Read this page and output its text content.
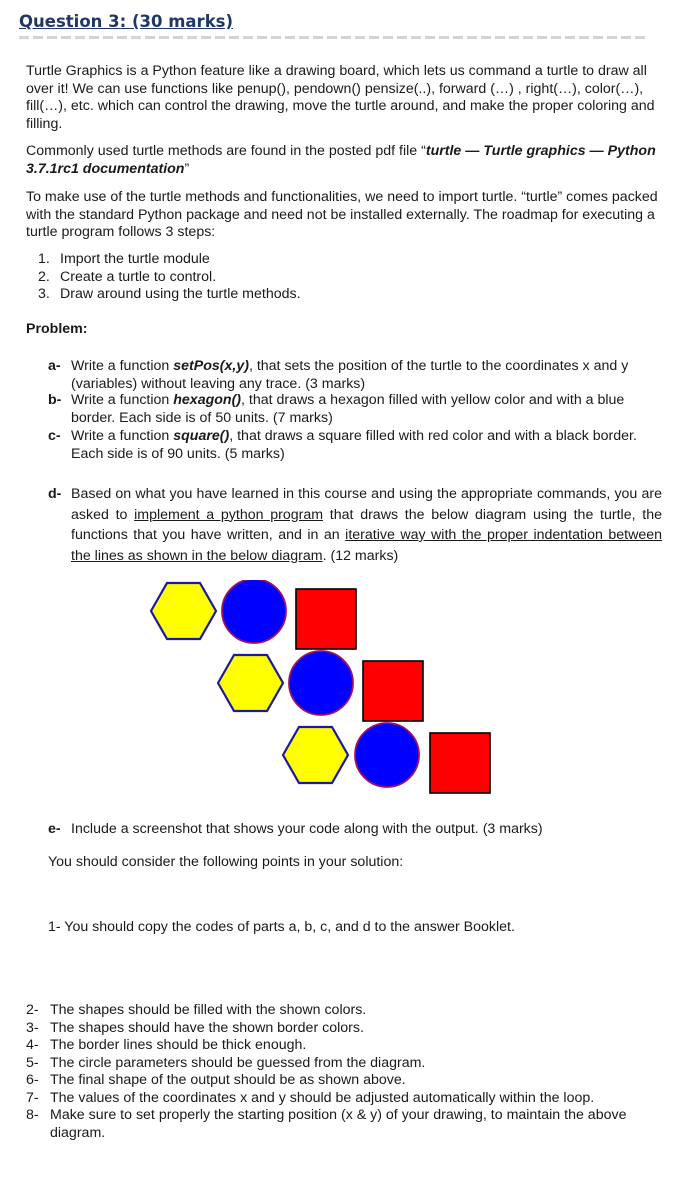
Question 3: (30 marks)

Turtle Graphics is a Python feature like a drawing board, which lets us command a turtle to draw all over it! We can use functions like penup(), pendown() pensize(..), forward (…) , right(…), color(…), fill(…), etc. which can control the drawing, move the turtle around, and make the proper coloring and filling.

Commonly used turtle methods are found in the posted pdf file “turtle — Turtle graphics — Python 3.7.1rc1 documentation”

To make use of the turtle methods and functionalities, we need to import turtle. “turtle” comes packed with the standard Python package and need not be installed externally. The roadmap for executing a turtle program follows 3 steps:

1. Import the turtle module
2. Create a turtle to control.
3. Draw around using the turtle methods.
Problem:
a- Write a function setPos(x,y), that sets the position of the turtle to the coordinates x and y (variables) without leaving any trace. (3 marks)
b- Write a function hexagon(), that draws a hexagon filled with yellow color and with a blue border. Each side is of 50 units. (7 marks)
c- Write a function square(), that draws a square filled with red color and with a black border. Each side is of 90 units. (5 marks)
d- Based on what you have learned in this course and using the appropriate commands, you are asked to implement a python program that draws the below diagram using the turtle, the functions that you have written, and in an iterative way with the proper indentation between the lines as shown in the below diagram. (12 marks)
e- Include a screenshot that shows your code along with the output. (3 marks)
You should consider the following points in your solution:
1- You should copy the codes of parts a, b, c, and d to the answer Booklet.
2- The shapes should be filled with the shown colors.
3- The shapes should have the shown border colors.
4- The border lines should be thick enough.
5- The circle parameters should be guessed from the diagram.
6- The final shape of the output should be as shown above.
7- The values of the coordinates x and y should be adjusted automatically within the loop.
8- Make sure to set properly the starting position (x & y) of your drawing, to maintain the above diagram.
